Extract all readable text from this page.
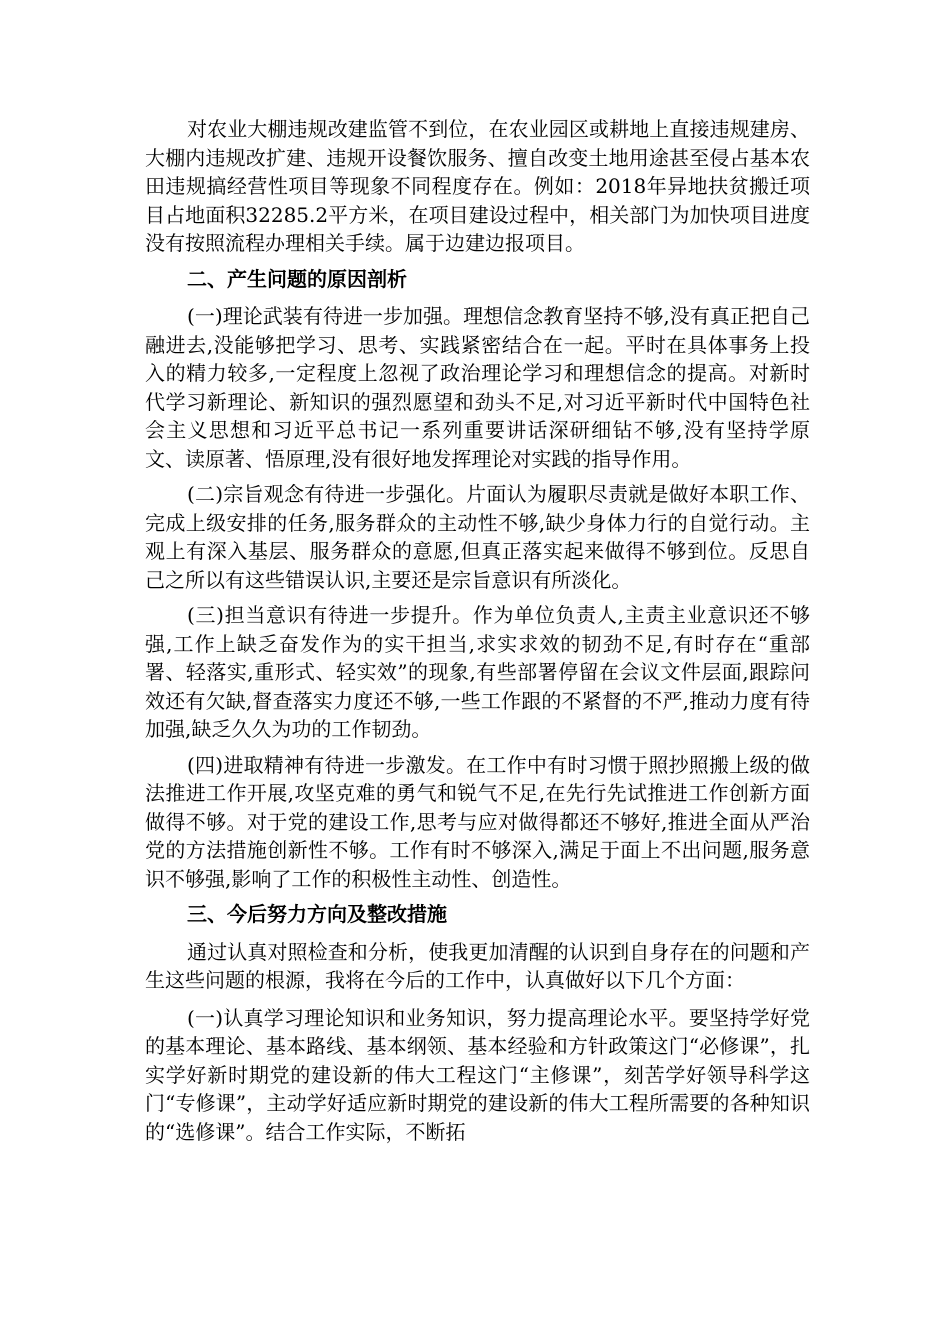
对农业大棚违规改建监管不到位，在农业园区或耕地上直接违规建房、大棚内违规改扩建、违规开设餐饮服务、擅自改变土地用途甚至侵占基本农田违规搞经营性项目等现象不同程度存在。例如：2018年异地扶贫搬迁项目占地面积32285.2平方米，在项目建设过程中，相关部门为加快项目进度没有按照流程办理相关手续。属于边建边报项目。

二、产生问题的原因剖析

(一)理论武装有待进一步加强。理想信念教育坚持不够,没有真正把自己融进去,没能够把学习、思考、实践紧密结合在一起。平时在具体事务上投入的精力较多,一定程度上忽视了政治理论学习和理想信念的提高。对新时代学习新理论、新知识的强烈愿望和劲头不足,对习近平新时代中国特色社会主义思想和习近平总书记一系列重要讲话深研细钻不够,没有坚持学原文、读原著、悟原理,没有很好地发挥理论对实践的指导作用。

(二)宗旨观念有待进一步强化。片面认为履职尽责就是做好本职工作、完成上级安排的任务,服务群众的主动性不够,缺少身体力行的自觉行动。主观上有深入基层、服务群众的意愿,但真正落实起来做得不够到位。反思自己之所以有这些错误认识,主要还是宗旨意识有所淡化。

(三)担当意识有待进一步提升。作为单位负责人,主责主业意识还不够强,工作上缺乏奋发作为的实干担当,求实求效的韧劲不足,有时存在“重部署、轻落实,重形式、轻实效”的现象,有些部署停留在会议文件层面,跟踪问效还有欠缺,督查落实力度还不够,一些工作跟的不紧督的不严,推动力度有待加强,缺乏久久为功的工作韧劲。

(四)进取精神有待进一步激发。在工作中有时习惯于照抄照搬上级的做法推进工作开展,攻坚克难的勇气和锐气不足,在先行先试推进工作创新方面做得不够。对于党的建设工作,思考与应对做得都还不够好,推进全面从严治党的方法措施创新性不够。工作有时不够深入,满足于面上不出问题,服务意识不够强,影响了工作的积极性主动性、创造性。

三、今后努力方向及整改措施

通过认真对照检查和分析，使我更加清醒的认识到自身存在的问题和产生这些问题的根源，我将在今后的工作中，认真做好以下几个方面：

(一)认真学习理论知识和业务知识，努力提高理论水平。要坚持学好党的基本理论、基本路线、基本纲领、基本经验和方针政策这门“必修课”，扎实学好新时期党的建设新的伟大工程这门“主修课”，刻苦学好领导科学这门“专修课”，主动学好适应新时期党的建设新的伟大工程所需要的各种知识的“选修课”。结合工作实际，不断拓
